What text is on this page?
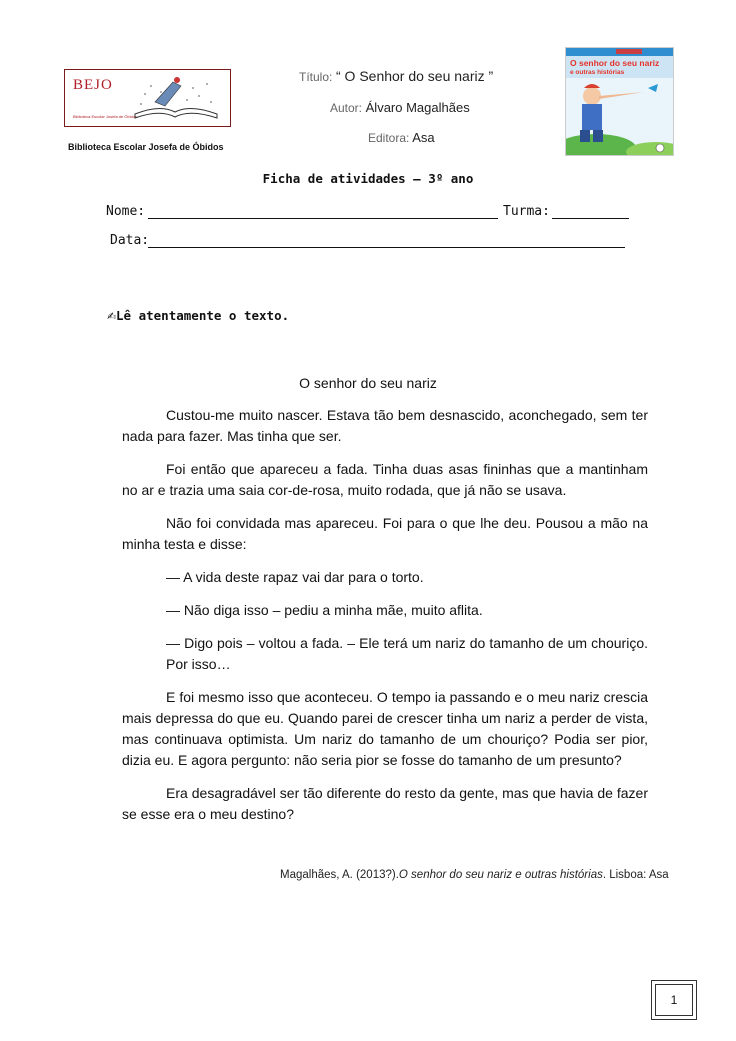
BEJO
Biblioteca Escolar Josefa de Óbidos
Biblioteca Escolar Josefa de Óbidos
Título: “ O Senhor do seu nariz ”
Autor: Álvaro Magalhães
Editora: Asa
O senhor do seu nariz
e outras histórias
Ficha de atividades – 3º ano
Nome:	Turma:
Data:
✍Lê atentamente o texto.
O senhor do seu nariz
Custou-me muito nascer. Estava tão bem desnascido, aconchegado, sem ter nada para fazer. Mas tinha que ser.
Foi então que apareceu a fada. Tinha duas asas fininhas que a mantinham no ar e trazia uma saia cor-de-rosa, muito rodada, que já não se usava.
Não foi convidada mas apareceu. Foi para o que lhe deu. Pousou a mão na minha testa e disse:
— A vida deste rapaz vai dar para o torto.
— Não diga isso – pediu a minha mãe, muito aflita.
— Digo pois – voltou a fada. – Ele terá um nariz do tamanho de um chouriço. Por isso…
E foi mesmo isso que aconteceu. O tempo ia passando e o meu nariz crescia mais depressa do que eu. Quando parei de crescer tinha um nariz a perder de vista, mas continuava optimista. Um nariz do tamanho de um chouriço? Podia ser pior, dizia eu. E agora pergunto: não seria pior se fosse do tamanho de um presunto?
Era desagradável ser tão diferente do resto da gente, mas que havia de fazer se esse era o meu destino?
Magalhães, A. (2013?).O senhor do seu nariz e outras histórias. Lisboa: Asa
1
